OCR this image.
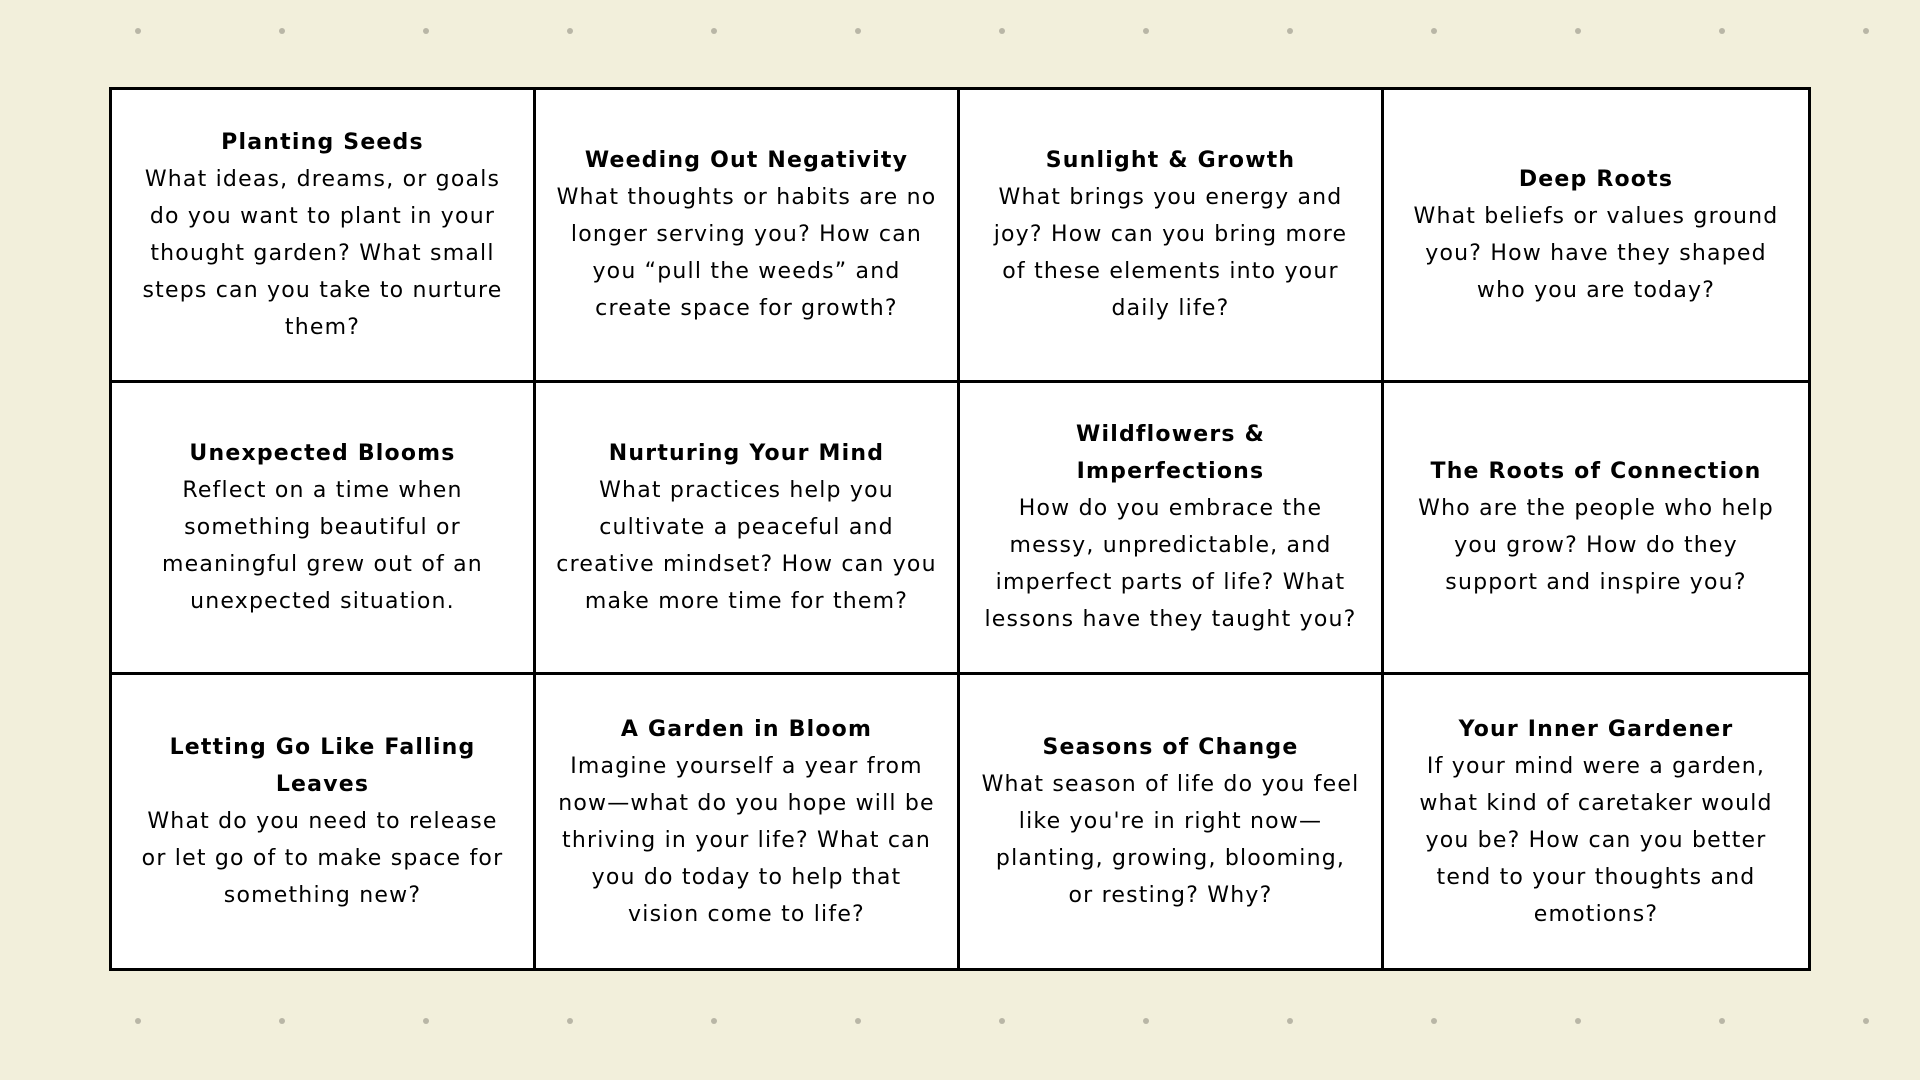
Planting Seeds
What ideas, dreams, or goals do you want to plant in your thought garden? What small steps can you take to nurture them?
Weeding Out Negativity
What thoughts or habits are no longer serving you? How can you “pull the weeds” and create space for growth?
Sunlight & Growth
What brings you energy and joy? How can you bring more of these elements into your daily life?
Deep Roots
What beliefs or values ground you? How have they shaped who you are today?
Unexpected Blooms
Reflect on a time when something beautiful or meaningful grew out of an unexpected situation.
Nurturing Your Mind
What practices help you cultivate a peaceful and creative mindset? How can you make more time for them?
Wildflowers & Imperfections
How do you embrace the messy, unpredictable, and imperfect parts of life? What lessons have they taught you?
The Roots of Connection
Who are the people who help you grow? How do they support and inspire you?
Letting Go Like Falling Leaves
What do you need to release or let go of to make space for something new?
A Garden in Bloom
Imagine yourself a year from now—what do you hope will be thriving in your life? What can you do today to help that vision come to life?
Seasons of Change
What season of life do you feel like you're in right now—planting, growing, blooming, or resting? Why?
Your Inner Gardener
If your mind were a garden, what kind of caretaker would you be? How can you better tend to your thoughts and emotions?
